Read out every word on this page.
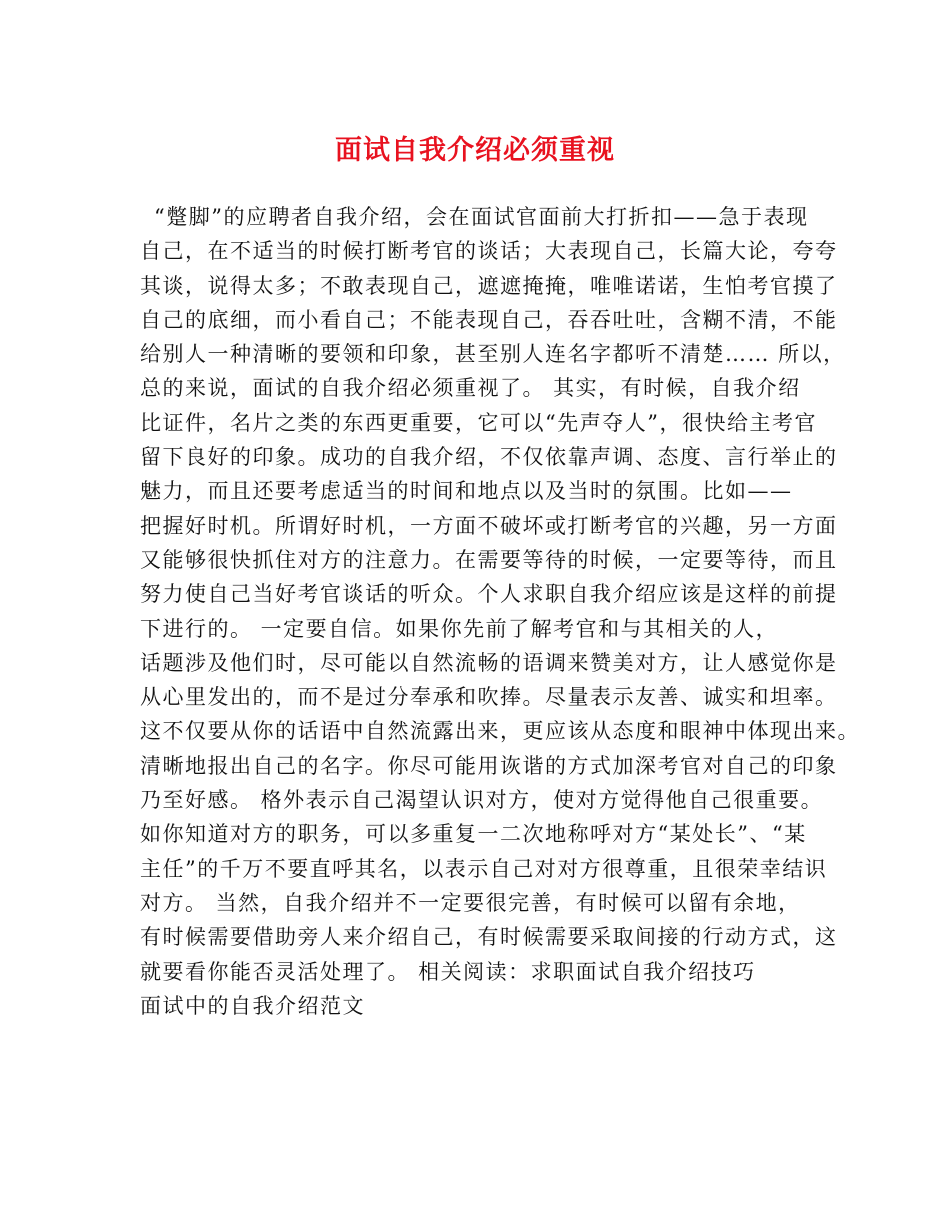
面试自我介绍必须重视
“蹩脚”的应聘者自我介绍，会在面试官面前大打折扣——急于表现
自己，在不适当的时候打断考官的谈话；大表现自己，长篇大论，夸夸
其谈，说得太多；不敢表现自己，遮遮掩掩，唯唯诺诺，生怕考官摸了
自己的底细，而小看自己；不能表现自己，吞吞吐吐，含糊不清，不能
给别人一种清晰的要领和印象，甚至别人连名字都听不清楚…… 所以，
总的来说，面试的自我介绍必须重视了。 其实，有时候，自我介绍
比证件，名片之类的东西更重要，它可以“先声夺人”，很快给主考官
留下良好的印象。成功的自我介绍，不仅依靠声调、态度、言行举止的
魅力，而且还要考虑适当的时间和地点以及当时的氛围。比如——
把握好时机。所谓好时机，一方面不破坏或打断考官的兴趣，另一方面
又能够很快抓住对方的注意力。在需要等待的时候，一定要等待，而且
努力使自己当好考官谈话的听众。个人求职自我介绍应该是这样的前提
下进行的。 一定要自信。如果你先前了解考官和与其相关的人，
话题涉及他们时，尽可能以自然流畅的语调来赞美对方，让人感觉你是
从心里发出的，而不是过分奉承和吹捧。尽量表示友善、诚实和坦率。
这不仅要从你的话语中自然流露出来，更应该从态度和眼神中体现出来。
清晰地报出自己的名字。你尽可能用诙谐的方式加深考官对自己的印象
乃至好感。 格外表示自己渴望认识对方，使对方觉得他自己很重要。
如你知道对方的职务，可以多重复一二次地称呼对方“某处长”、“某
主任”的千万不要直呼其名，以表示自己对对方很尊重，且很荣幸结识
对方。 当然，自我介绍并不一定要很完善，有时候可以留有余地，
有时候需要借助旁人来介绍自己，有时候需要采取间接的行动方式，这
就要看你能否灵活处理了。 相关阅读：求职面试自我介绍技巧
面试中的自我介绍范文
